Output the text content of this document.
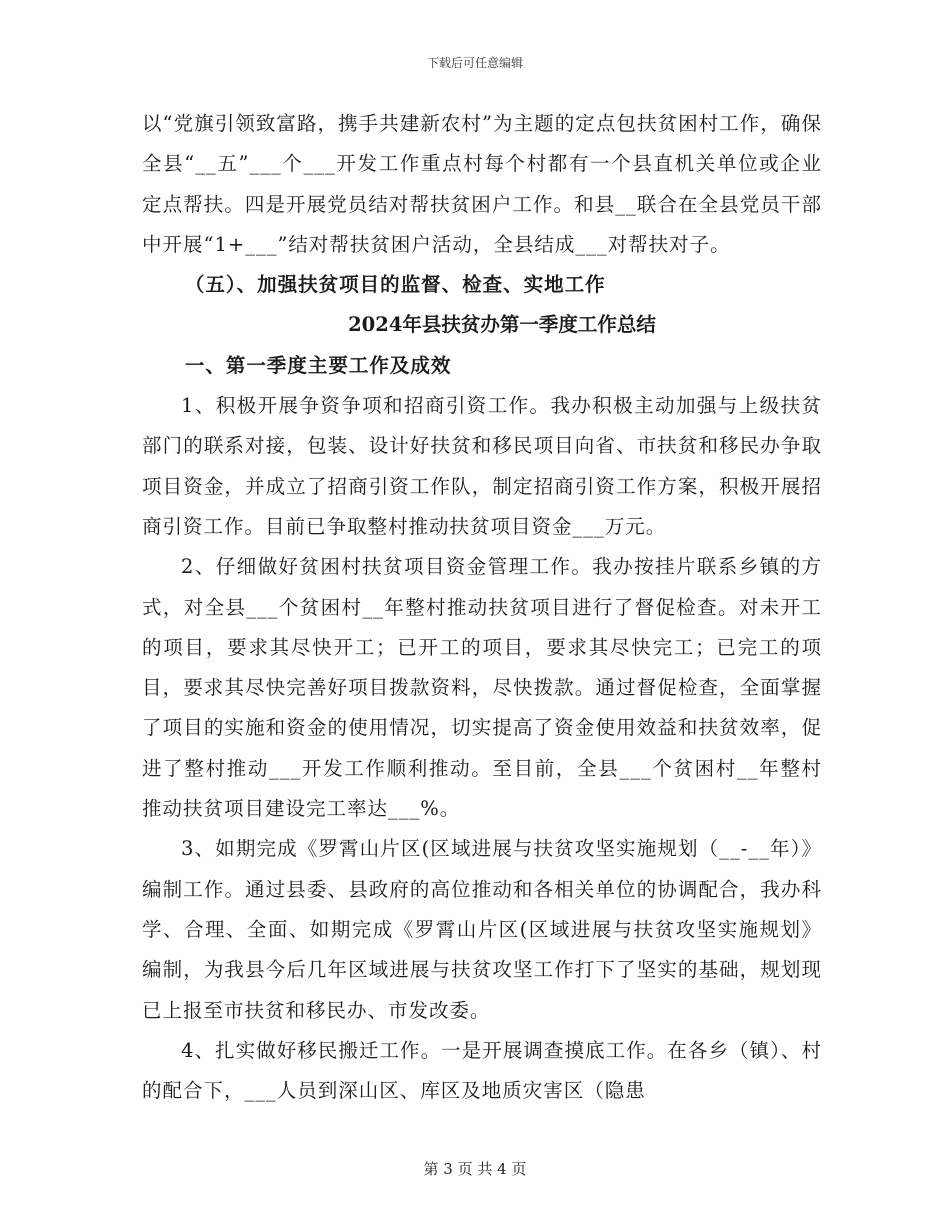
下载后可任意编辑

以“党旗引领致富路，携手共建新农村”为主题的定点包扶贫困村工作，确保全县“__五”___个___开发工作重点村每个村都有一个县直机关单位或企业定点帮扶。四是开展党员结对帮扶贫困户工作。和县__联合在全县党员干部中开展“1+___”结对帮扶贫困户活动，全县结成___对帮扶对子。

（五）、加强扶贫项目的监督、检查、实地工作

2024年县扶贫办第一季度工作总结

一、第一季度主要工作及成效

1、积极开展争资争项和招商引资工作。我办积极主动加强与上级扶贫部门的联系对接，包装、设计好扶贫和移民项目向省、市扶贫和移民办争取项目资金，并成立了招商引资工作队，制定招商引资工作方案，积极开展招商引资工作。目前已争取整村推动扶贫项目资金___万元。

2、仔细做好贫困村扶贫项目资金管理工作。我办按挂片联系乡镇的方式，对全县___个贫困村__年整村推动扶贫项目进行了督促检查。对未开工的项目，要求其尽快开工；已开工的项目，要求其尽快完工；已完工的项目，要求其尽快完善好项目拨款资料，尽快拨款。通过督促检查，全面掌握了项目的实施和资金的使用情况，切实提高了资金使用效益和扶贫效率，促进了整村推动___开发工作顺利推动。至目前，全县___个贫困村__年整村推动扶贫项目建设完工率达___%。

3、如期完成《罗霄山片区(区域进展与扶贫攻坚实施规划（__-__年）》编制工作。通过县委、县政府的高位推动和各相关单位的协调配合，我办科学、合理、全面、如期完成《罗霄山片区(区域进展与扶贫攻坚实施规划》编制，为我县今后几年区域进展与扶贫攻坚工作打下了坚实的基础，规划现已上报至市扶贫和移民办、市发改委。

4、扎实做好移民搬迁工作。一是开展调查摸底工作。在各乡（镇）、村的配合下，___人员到深山区、库区及地质灾害区（隐患

第 3 页 共 4 页
